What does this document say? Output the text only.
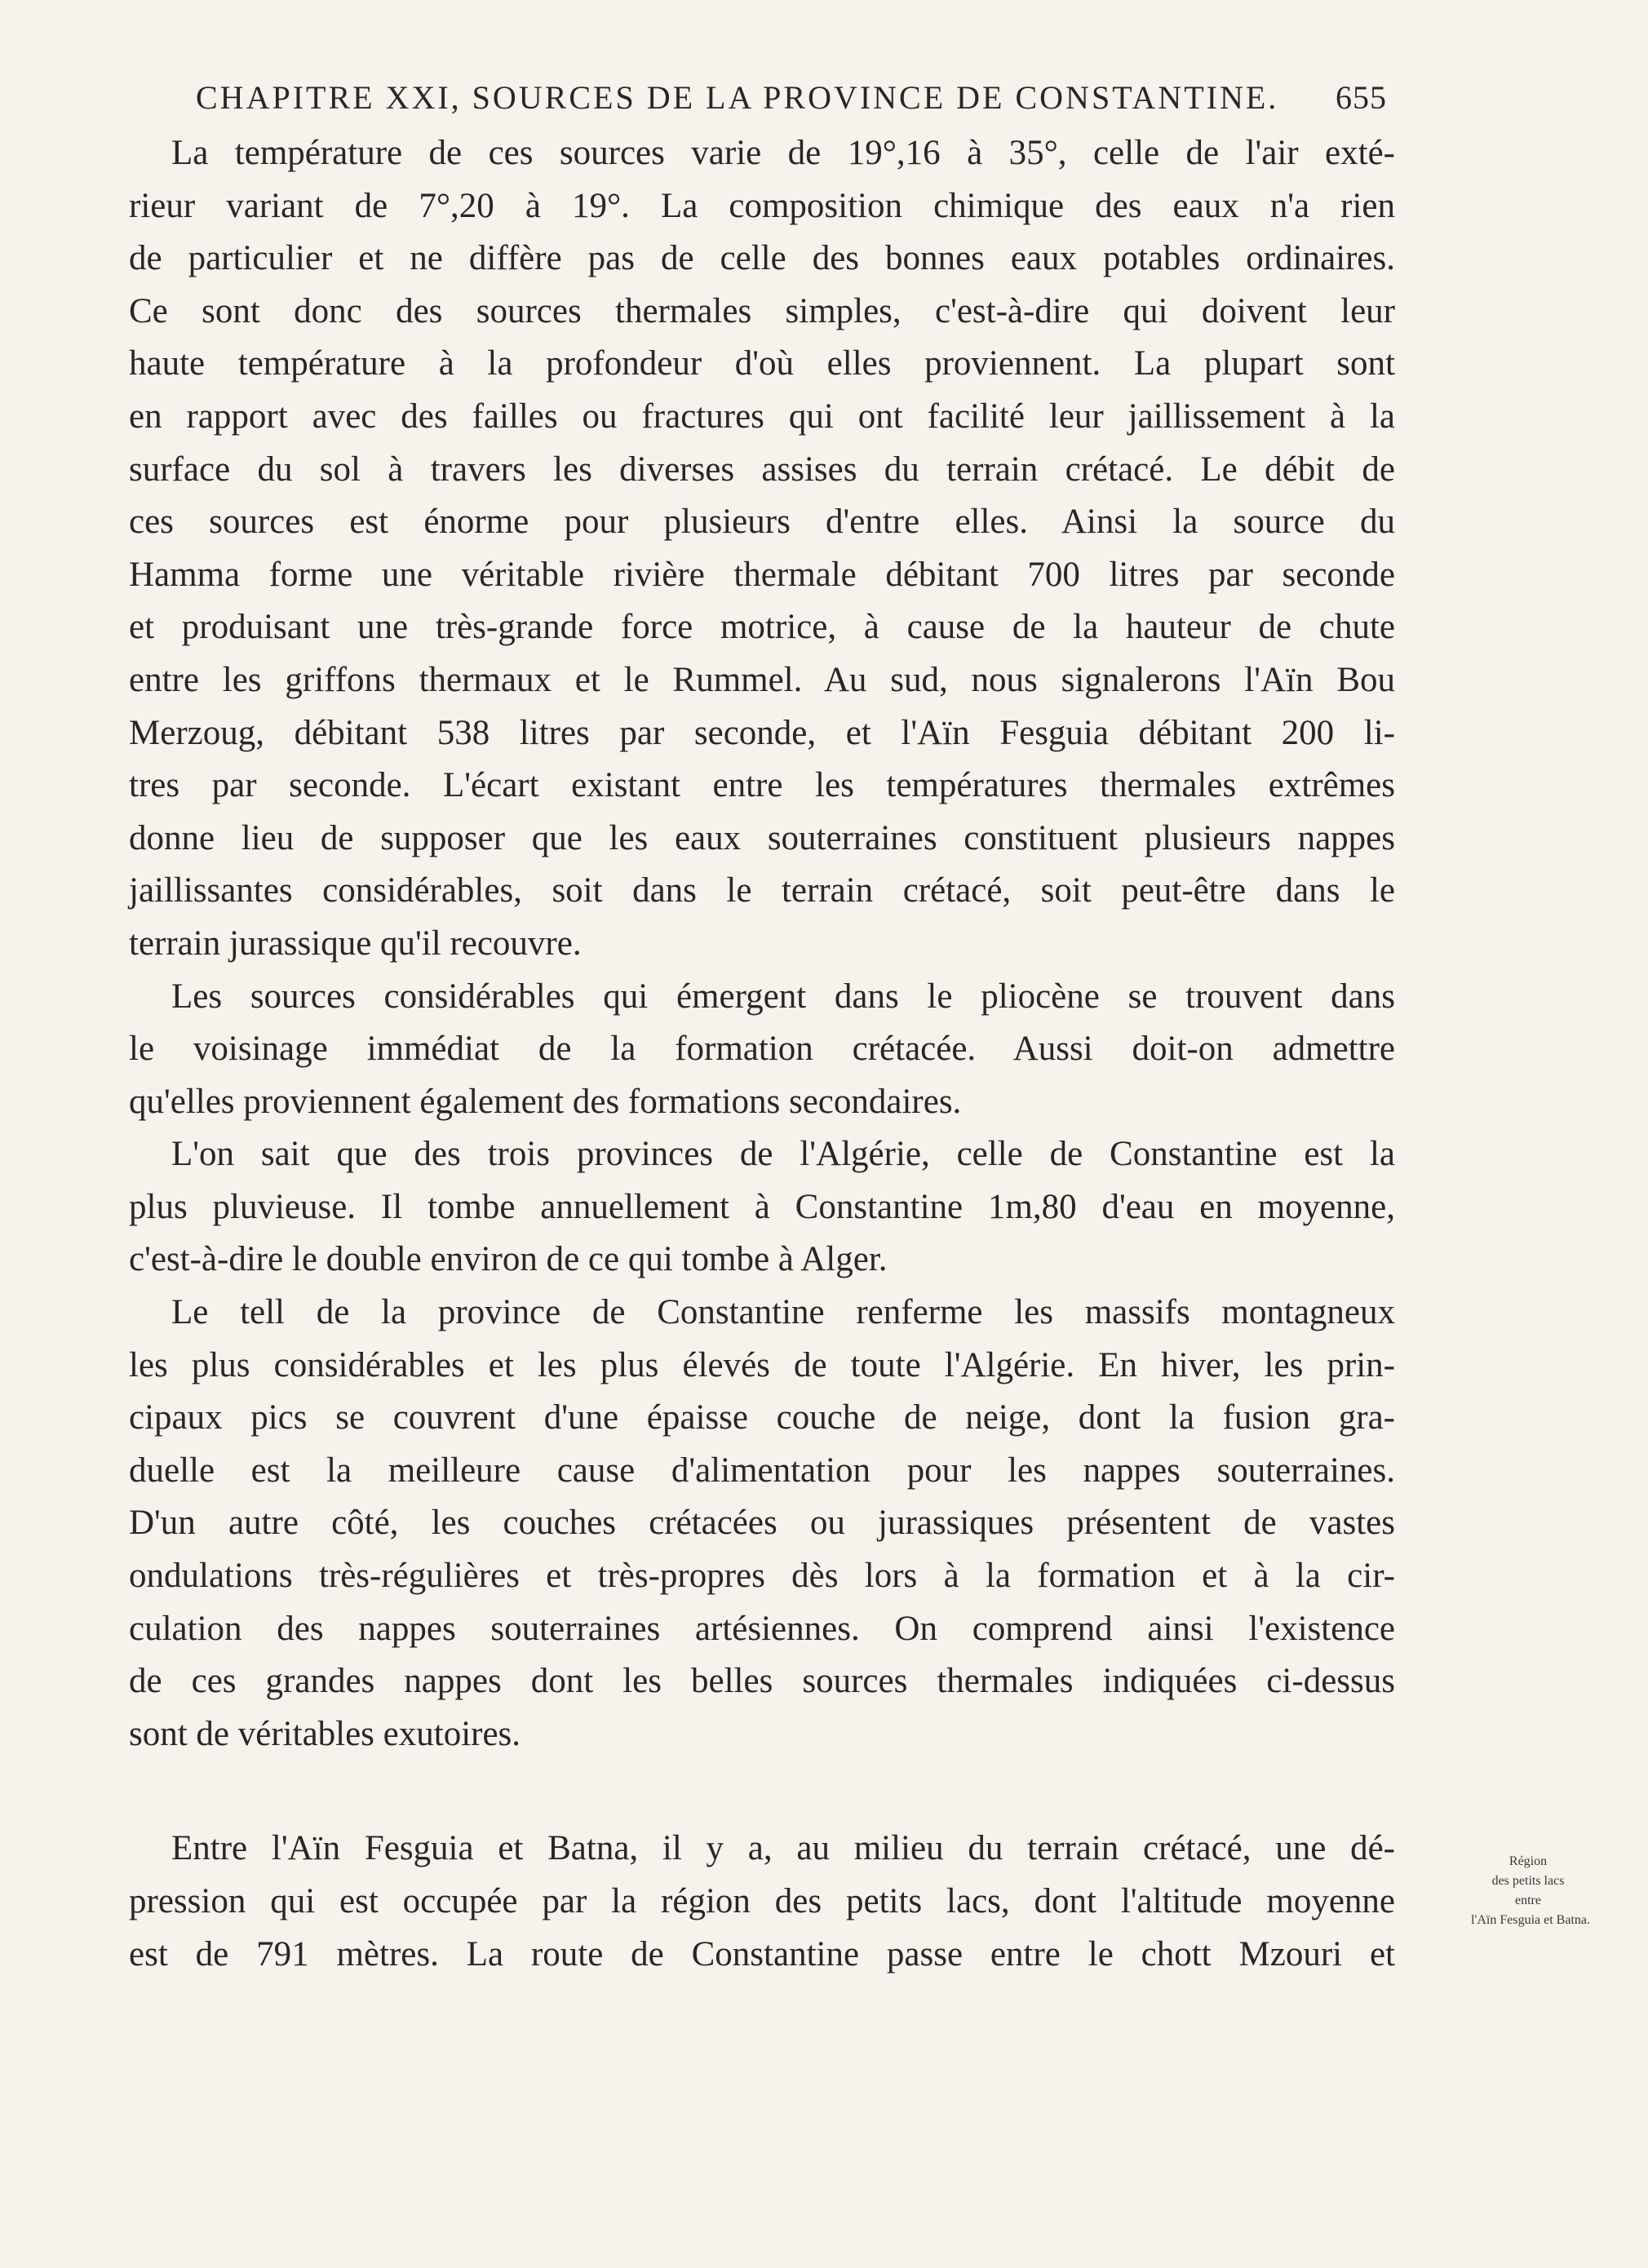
CHAPITRE XXI, SOURCES DE LA PROVINCE DE CONSTANTINE. 655
La température de ces sources varie de 19°,16 à 35°, celle de l'air exté-
rieur variant de 7°,20 à 19°. La composition chimique des eaux n'a rien
de particulier et ne diffère pas de celle des bonnes eaux potables ordinaires.
Ce sont donc des sources thermales simples, c'est-à-dire qui doivent leur
haute température à la profondeur d'où elles proviennent. La plupart sont
en rapport avec des failles ou fractures qui ont facilité leur jaillissement à la
surface du sol à travers les diverses assises du terrain crétacé. Le débit de
ces sources est énorme pour plusieurs d'entre elles. Ainsi la source du
Hamma forme une véritable rivière thermale débitant 700 litres par seconde
et produisant une très-grande force motrice, à cause de la hauteur de chute
entre les griffons thermaux et le Rummel. Au sud, nous signalerons l'Aïn Bou
Merzoug, débitant 538 litres par seconde, et l'Aïn Fesguia débitant 200 li-
tres par seconde. L'écart existant entre les températures thermales extrêmes
donne lieu de supposer que les eaux souterraines constituent plusieurs nappes
jaillissantes considérables, soit dans le terrain crétacé, soit peut-être dans le
terrain jurassique qu'il recouvre.
Les sources considérables qui émergent dans le pliocène se trouvent dans
le voisinage immédiat de la formation crétacée. Aussi doit-on admettre
qu'elles proviennent également des formations secondaires.
L'on sait que des trois provinces de l'Algérie, celle de Constantine est la
plus pluvieuse. Il tombe annuellement à Constantine 1m,80 d'eau en moyenne,
c'est-à-dire le double environ de ce qui tombe à Alger.
Le tell de la province de Constantine renferme les massifs montagneux
les plus considérables et les plus élevés de toute l'Algérie. En hiver, les prin-
cipaux pics se couvrent d'une épaisse couche de neige, dont la fusion gra-
duelle est la meilleure cause d'alimentation pour les nappes souterraines.
D'un autre côté, les couches crétacées ou jurassiques présentent de vastes
ondulations très-régulières et très-propres dès lors à la formation et à la cir-
culation des nappes souterraines artésiennes. On comprend ainsi l'existence
de ces grandes nappes dont les belles sources thermales indiquées ci-dessus
sont de véritables exutoires.
Entre l'Aïn Fesguia et Batna, il y a, au milieu du terrain crétacé, une dé-
pression qui est occupée par la région des petits lacs, dont l'altitude moyenne
est de 791 mètres. La route de Constantine passe entre le chott Mzouri et
Région
des petits lacs
entre
l'Aïn Fesguia et Batna.
